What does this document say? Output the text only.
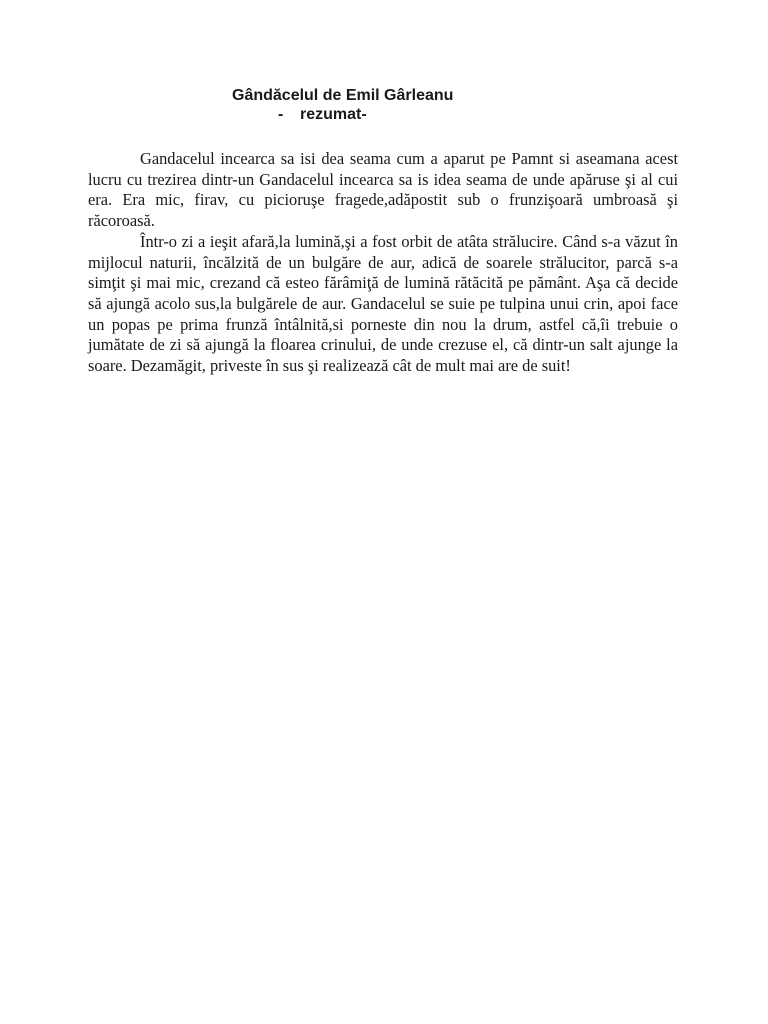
Gândăcelul de Emil Gârleanu
- rezumat-

Gandacelul incearca sa isi dea seama cum a aparut pe Pamnt si aseamana acest lucru cu trezirea dintr-un Gandacelul incearca sa is idea seama de unde apăruse şi al cui era. Era mic, firav, cu picioruşe fragede,adăpostit sub o frunzişoară umbroasă şi răcoroasă.

Într-o zi a ieşit afară,la lumină,şi a fost orbit de atâta strălucire. Când s-a văzut în mijlocul naturii, încălzită de un bulgăre de aur, adică de soarele strălucitor, parcă s-a simţit şi mai mic, crezand că esteo fărâmiţă de lumină rătăcită pe pământ. Aşa că decide să ajungă acolo sus,la bulgărele de aur. Gandacelul se suie pe tulpina unui crin, apoi face un popas pe prima frunză întâlnită,si porneste din nou la drum, astfel că,îi trebuie o jumătate de zi să ajungă la floarea crinului, de unde crezuse el, că dintr-un salt ajunge la soare. Dezamăgit, priveste în sus şi realizează cât de mult mai are de suit!
